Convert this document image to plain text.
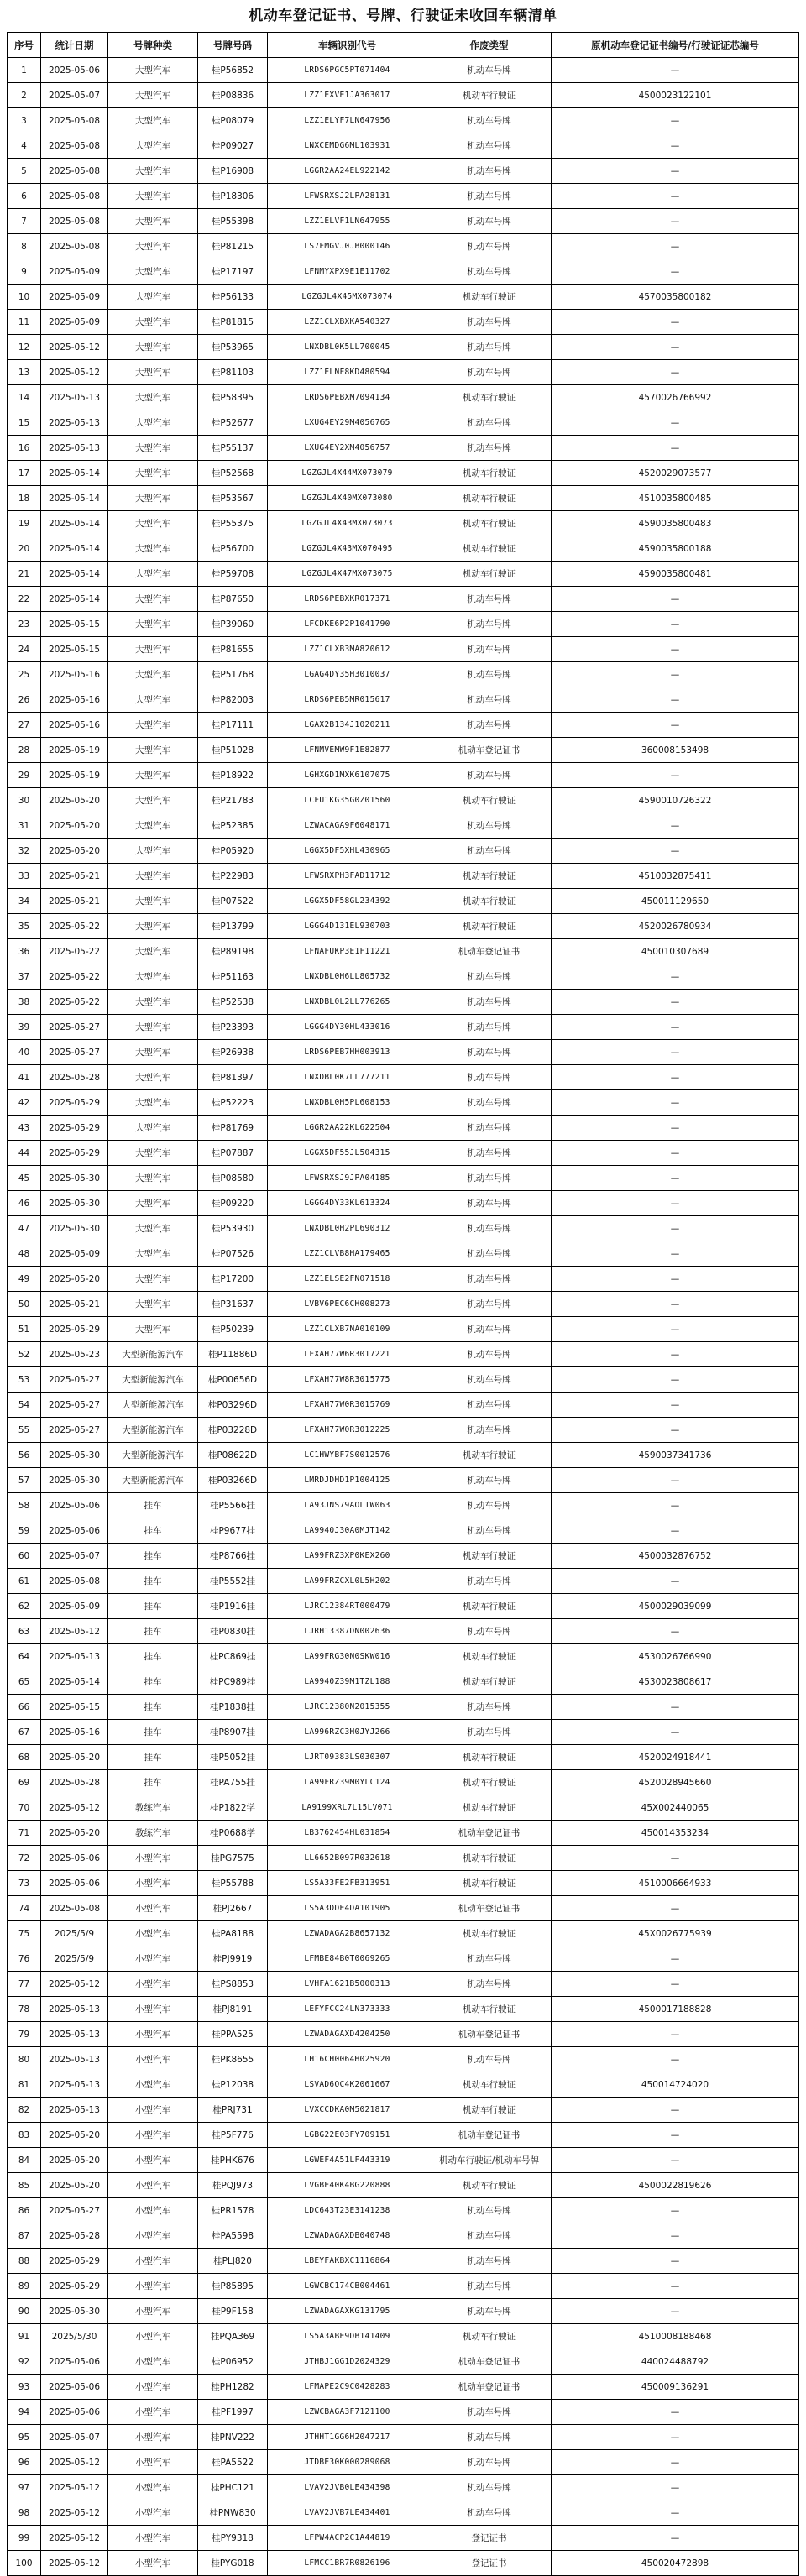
机动车登记证书、号牌、行驶证未收回车辆清单
序号	统计日期	号牌种类	号牌号码	车辆识别代号	作废类型	原机动车登记证书编号/行驶证证芯编号
1	2025-05-06	大型汽车	桂P56852	LRDS6PGC5PT071404	机动车号牌	—
2	2025-05-07	大型汽车	桂P08836	LZZ1EXVE1JA363017	机动车行驶证	4500023122101
3	2025-05-08	大型汽车	桂P08079	LZZ1ELYF7LN647956	机动车号牌	—
4	2025-05-08	大型汽车	桂P09027	LNXCEMDG6ML103931	机动车号牌	—
5	2025-05-08	大型汽车	桂P16908	LGGR2AA24EL922142	机动车号牌	—
6	2025-05-08	大型汽车	桂P18306	LFWSRXSJ2LPA28131	机动车号牌	—
7	2025-05-08	大型汽车	桂P55398	LZZ1ELVF1LN647955	机动车号牌	—
8	2025-05-08	大型汽车	桂P81215	LS7FMGVJ0JB000146	机动车号牌	—
9	2025-05-09	大型汽车	桂P17197	LFNMYXPX9E1E11702	机动车号牌	—
10	2025-05-09	大型汽车	桂P56133	LGZGJL4X45MX073074	机动车行驶证	4570035800182
11	2025-05-09	大型汽车	桂P81815	LZZ1CLXBXKA540327	机动车号牌	—
12	2025-05-12	大型汽车	桂P53965	LNXDBL0K5LL700045	机动车号牌	—
13	2025-05-12	大型汽车	桂P81103	LZZ1ELNF8KD480594	机动车号牌	—
14	2025-05-13	大型汽车	桂P58395	LRDS6PEBXM7094134	机动车行驶证	4570026766992
15	2025-05-13	大型汽车	桂P52677	LXUG4EY29M4056765	机动车号牌	—
16	2025-05-13	大型汽车	桂P55137	LXUG4EY2XM4056757	机动车号牌	—
17	2025-05-14	大型汽车	桂P52568	LGZGJL4X44MX073079	机动车行驶证	4520029073577
18	2025-05-14	大型汽车	桂P53567	LGZGJL4X40MX073080	机动车行驶证	4510035800485
19	2025-05-14	大型汽车	桂P55375	LGZGJL4X43MX073073	机动车行驶证	4590035800483
20	2025-05-14	大型汽车	桂P56700	LGZGJL4X43MX070495	机动车行驶证	4590035800188
21	2025-05-14	大型汽车	桂P59708	LGZGJL4X47MX073075	机动车行驶证	4590035800481
22	2025-05-14	大型汽车	桂P87650	LRDS6PEBXKR017371	机动车号牌	—
23	2025-05-15	大型汽车	桂P39060	LFCDKE6P2P1041790	机动车号牌	—
24	2025-05-15	大型汽车	桂P81655	LZZ1CLXB3MA820612	机动车号牌	—
25	2025-05-16	大型汽车	桂P51768	LGAG4DY35H3010037	机动车号牌	—
26	2025-05-16	大型汽车	桂P82003	LRDS6PEB5MR015617	机动车号牌	—
27	2025-05-16	大型汽车	桂P17111	LGAX2B134J1020211	机动车号牌	—
28	2025-05-19	大型汽车	桂P51028	LFNMVEMW9F1E82877	机动车登记证书	360008153498
29	2025-05-19	大型汽车	桂P18922	LGHXGD1MXK6107075	机动车号牌	—
30	2025-05-20	大型汽车	桂P21783	LCFU1KG35G0Z01560	机动车行驶证	4590010726322
31	2025-05-20	大型汽车	桂P52385	LZWACAGA9F6048171	机动车号牌	—
32	2025-05-20	大型汽车	桂P05920	LGGX5DF5XHL430965	机动车号牌	—
33	2025-05-21	大型汽车	桂P22983	LFWSRXPH3FAD11712	机动车行驶证	4510032875411
34	2025-05-21	大型汽车	桂P07522	LGGX5DF58GL234392	机动车行驶证	450011129650
35	2025-05-22	大型汽车	桂P13799	LGGG4D131EL930703	机动车行驶证	4520026780934
36	2025-05-22	大型汽车	桂P89198	LFNAFUKP3E1F11221	机动车登记证书	450010307689
37	2025-05-22	大型汽车	桂P51163	LNXDBL0H6LL805732	机动车号牌	—
38	2025-05-22	大型汽车	桂P52538	LNXDBL0L2LL776265	机动车号牌	—
39	2025-05-27	大型汽车	桂P23393	LGGG4DY30HL433016	机动车号牌	—
40	2025-05-27	大型汽车	桂P26938	LRDS6PEB7HH003913	机动车号牌	—
41	2025-05-28	大型汽车	桂P81397	LNXDBL0K7LL777211	机动车号牌	—
42	2025-05-29	大型汽车	桂P52223	LNXDBL0H5PL608153	机动车号牌	—
43	2025-05-29	大型汽车	桂P81769	LGGR2AA22KL622504	机动车号牌	—
44	2025-05-29	大型汽车	桂P07887	LGGX5DF55JL504315	机动车号牌	—
45	2025-05-30	大型汽车	桂P08580	LFWSRXSJ9JPA04185	机动车号牌	—
46	2025-05-30	大型汽车	桂P09220	LGGG4DY33KL613324	机动车号牌	—
47	2025-05-30	大型汽车	桂P53930	LNXDBL0H2PL690312	机动车号牌	—
48	2025-05-09	大型汽车	桂P07526	LZZ1CLVB8HA179465	机动车号牌	—
49	2025-05-20	大型汽车	桂P17200	LZZ1ELSE2FN071518	机动车号牌	—
50	2025-05-21	大型汽车	桂P31637	LVBV6PEC6CH008273	机动车号牌	—
51	2025-05-29	大型汽车	桂P50239	LZZ1CLXB7NA010109	机动车号牌	—
52	2025-05-23	大型新能源汽车	桂P11886D	LFXAH77W6R3017221	机动车号牌	—
53	2025-05-27	大型新能源汽车	桂P00656D	LFXAH77W8R3015775	机动车号牌	—
54	2025-05-27	大型新能源汽车	桂P03296D	LFXAH77W0R3015769	机动车号牌	—
55	2025-05-27	大型新能源汽车	桂P03228D	LFXAH77W0R3012225	机动车号牌	—
56	2025-05-30	大型新能源汽车	桂P08622D	LC1HWYBF7S0012576	机动车行驶证	4590037341736
57	2025-05-30	大型新能源汽车	桂P03266D	LMRDJDHD1P1004125	机动车号牌	—
58	2025-05-06	挂车	桂P5566挂	LA93JNS79AOLTW063	机动车号牌	—
59	2025-05-06	挂车	桂P9677挂	LA9940J30A0MJT142	机动车号牌	—
60	2025-05-07	挂车	桂P8766挂	LA99FRZ3XP0KEX260	机动车行驶证	4500032876752
61	2025-05-08	挂车	桂P5552挂	LA99FRZCXL0L5H202	机动车号牌	—
62	2025-05-09	挂车	桂P1916挂	LJRC12384RT000479	机动车行驶证	4500029039099
63	2025-05-12	挂车	桂P0830挂	LJRH13387DN002636	机动车号牌	—
64	2025-05-13	挂车	桂PC869挂	LA99FRG30N0SKW016	机动车行驶证	4530026766990
65	2025-05-14	挂车	桂PC989挂	LA9940Z39M1TZL188	机动车行驶证	4530023808617
66	2025-05-15	挂车	桂P1838挂	LJRC12380N2015355	机动车号牌	—
67	2025-05-16	挂车	桂P8907挂	LA996RZC3H0JYJ266	机动车号牌	—
68	2025-05-20	挂车	桂P5052挂	LJRT09383LS030307	机动车行驶证	4520024918441
69	2025-05-28	挂车	桂PA755挂	LA99FRZ39M0YLC124	机动车行驶证	4520028945660
70	2025-05-12	教练汽车	桂P1822学	LA9199XRL7L15LV071	机动车行驶证	45X002440065
71	2025-05-20	教练汽车	桂P0688学	LB3762454HL031854	机动车登记证书	450014353234
72	2025-05-06	小型汽车	桂PG7575	LL6652B097R032618	机动车行驶证	—
73	2025-05-06	小型汽车	桂P55788	LS5A33FE2FB313951	机动车行驶证	4510006664933
74	2025-05-08	小型汽车	桂PJ2667	LS5A3DDE4DA101905	机动车登记证书	—
75	2025/5/9	小型汽车	桂PA8188	LZWADAGA2B8657132	机动车行驶证	45X0026775939
76	2025/5/9	小型汽车	桂PJ9919	LFMBE84B0T0069265	机动车号牌	—
77	2025-05-12	小型汽车	桂PS8853	LVHFA1621B5000313	机动车号牌	—
78	2025-05-13	小型汽车	桂PJ8191	LEFYFCC24LN373333	机动车行驶证	4500017188828
79	2025-05-13	小型汽车	桂PPA525	LZWADAGAXD4204250	机动车登记证书	—
80	2025-05-13	小型汽车	桂PK8655	LH16CH0064H025920	机动车号牌	—
81	2025-05-13	小型汽车	桂P12038	LSVAD6OC4K2061667	机动车行驶证	450014724020
82	2025-05-13	小型汽车	桂PRJ731	LVXCCDKA0M5021817	机动车行驶证	—
83	2025-05-20	小型汽车	桂P5F776	LGBG22E03FY709151	机动车登记证书	—
84	2025-05-20	小型汽车	桂PHK676	LGWEF4A51LF443319	机动车行驶证/机动车号牌	—
85	2025-05-20	小型汽车	桂PQJ973	LVGBE40K4BG220888	机动车行驶证	4500022819626
86	2025-05-27	小型汽车	桂PR1578	LDC643T23E3141238	机动车号牌	—
87	2025-05-28	小型汽车	桂PA5598	LZWADAGAXDB040748	机动车号牌	—
88	2025-05-29	小型汽车	桂PLJ820	LBEYFAKBXC1116864	机动车号牌	—
89	2025-05-29	小型汽车	桂P85895	LGWCBC174CB004461	机动车号牌	—
90	2025-05-30	小型汽车	桂P9F158	LZWADAGAXKG131795	机动车号牌	—
91	2025/5/30	小型汽车	桂PQA369	LS5A3ABE9DB141409	机动车行驶证	4510008188468
92	2025-05-06	小型汽车	桂P06952	JTHBJ1GG1D2024329	机动车登记证书	440024488792
93	2025-05-06	小型汽车	桂PH1282	LFMAPE2C9C0428283	机动车登记证书	450009136291
94	2025-05-06	小型汽车	桂PF1997	LZWCBAGA3F7121100	机动车号牌	—
95	2025-05-07	小型汽车	桂PNV222	JTHHT1GG6H2047217	机动车号牌	—
96	2025-05-12	小型汽车	桂PA5522	JTDBE30K000289068	机动车号牌	—
97	2025-05-12	小型汽车	桂PHC121	LVAV2JVB0LE434398	机动车号牌	—
98	2025-05-12	小型汽车	桂PNW830	LVAV2JVB7LE434401	机动车号牌	—
99	2025-05-12	小型汽车	桂PY9318	LFPW4ACP2C1A44819	登记证书	—
100	2025-05-12	小型汽车	桂PYG018	LFMCC1BR7R0826196	登记证书	450020472898
